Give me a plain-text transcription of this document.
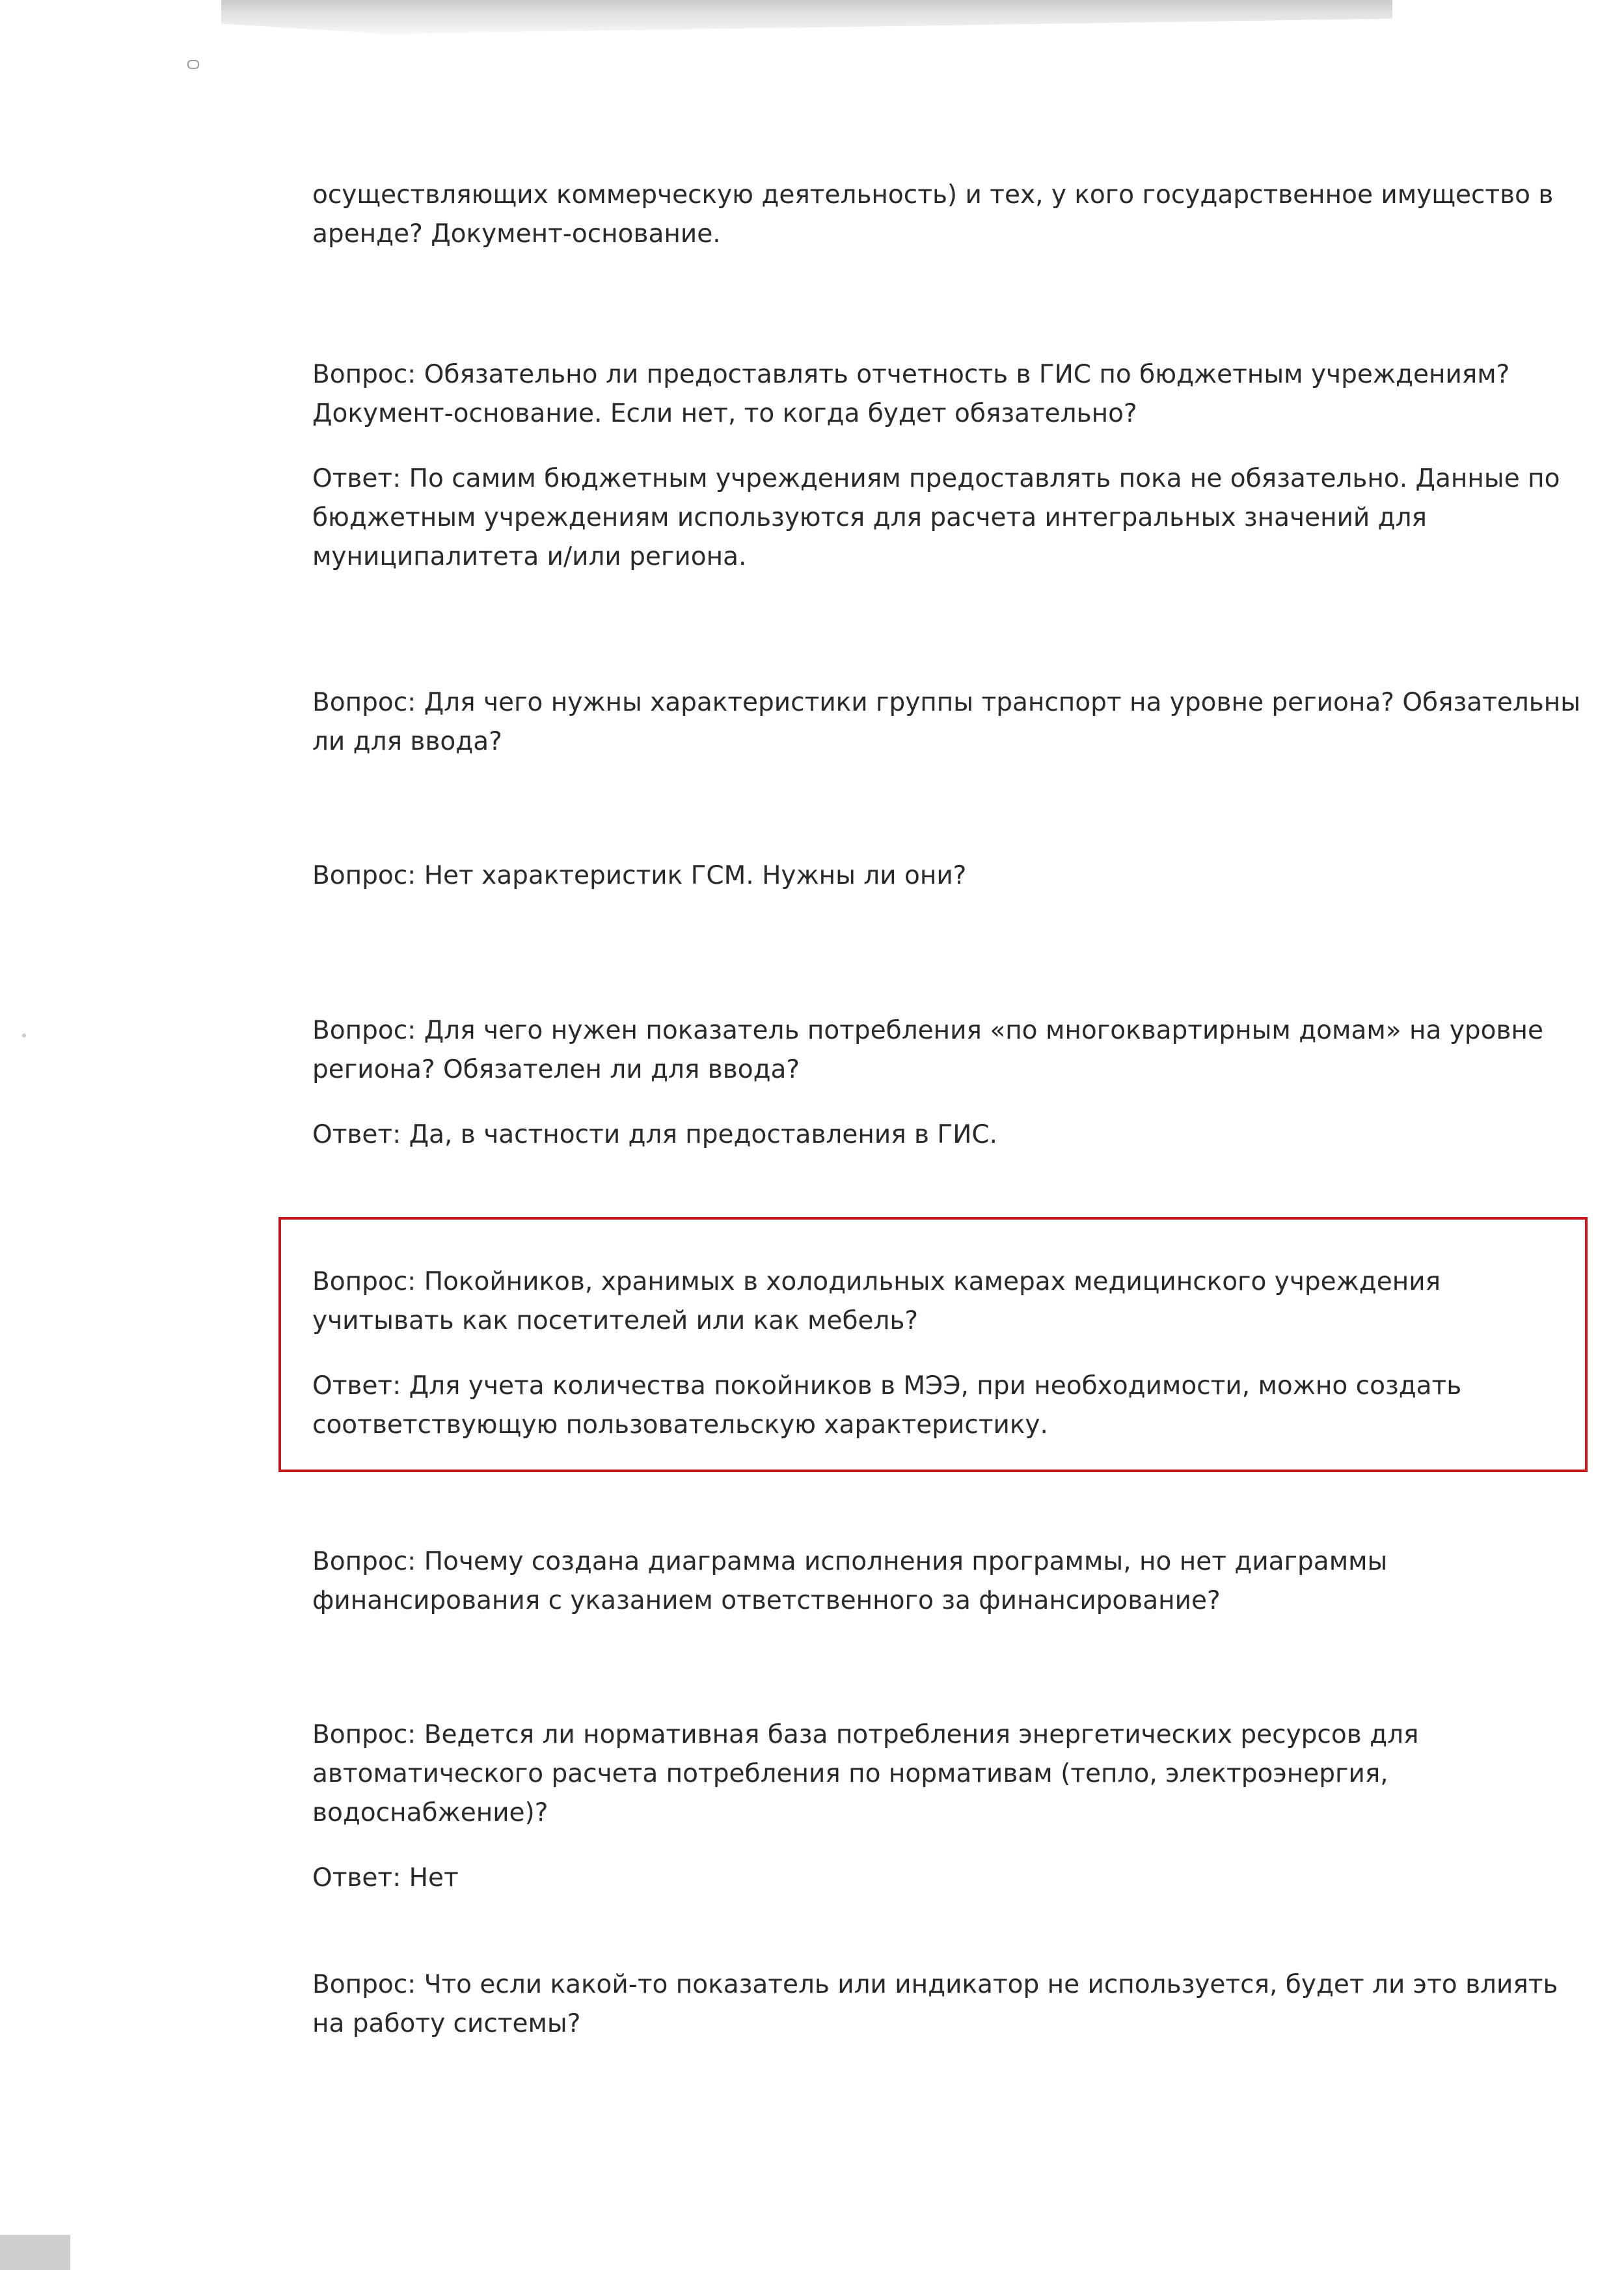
осуществляющих коммерческую деятельность) и тех, у кого государственное имущество в аренде? Документ-основание.

Вопрос: Обязательно ли предоставлять отчетность в ГИС по бюджетным учреждениям? Документ-основание. Если нет, то когда будет обязательно?

Ответ: По самим бюджетным учреждениям предоставлять пока не обязательно. Данные по бюджетным учреждениям используются для расчета интегральных значений для муниципалитета и/или региона.

Вопрос: Для чего нужны характеристики группы транспорт на уровне региона? Обязательны ли для ввода?

Вопрос: Нет характеристик ГСМ. Нужны ли они?

Вопрос: Для чего нужен показатель потребления «по многоквартирным домам» на уровне региона? Обязателен ли для ввода?

Ответ: Да, в частности для предоставления в ГИС.

Вопрос: Покойников, хранимых в холодильных камерах медицинского учреждения учитывать как посетителей или как мебель?

Ответ: Для учета количества покойников в МЭЭ, при необходимости, можно создать соответствующую пользовательскую характеристику.

Вопрос: Почему создана диаграмма исполнения программы, но нет диаграммы финансирования с указанием ответственного за финансирование?

Вопрос: Ведется ли нормативная база потребления энергетических ресурсов для автоматического расчета потребления по нормативам (тепло, электроэнергия, водоснабжение)?

Ответ: Нет

Вопрос: Что если какой-то показатель или индикатор не используется, будет ли это влиять на работу системы?
